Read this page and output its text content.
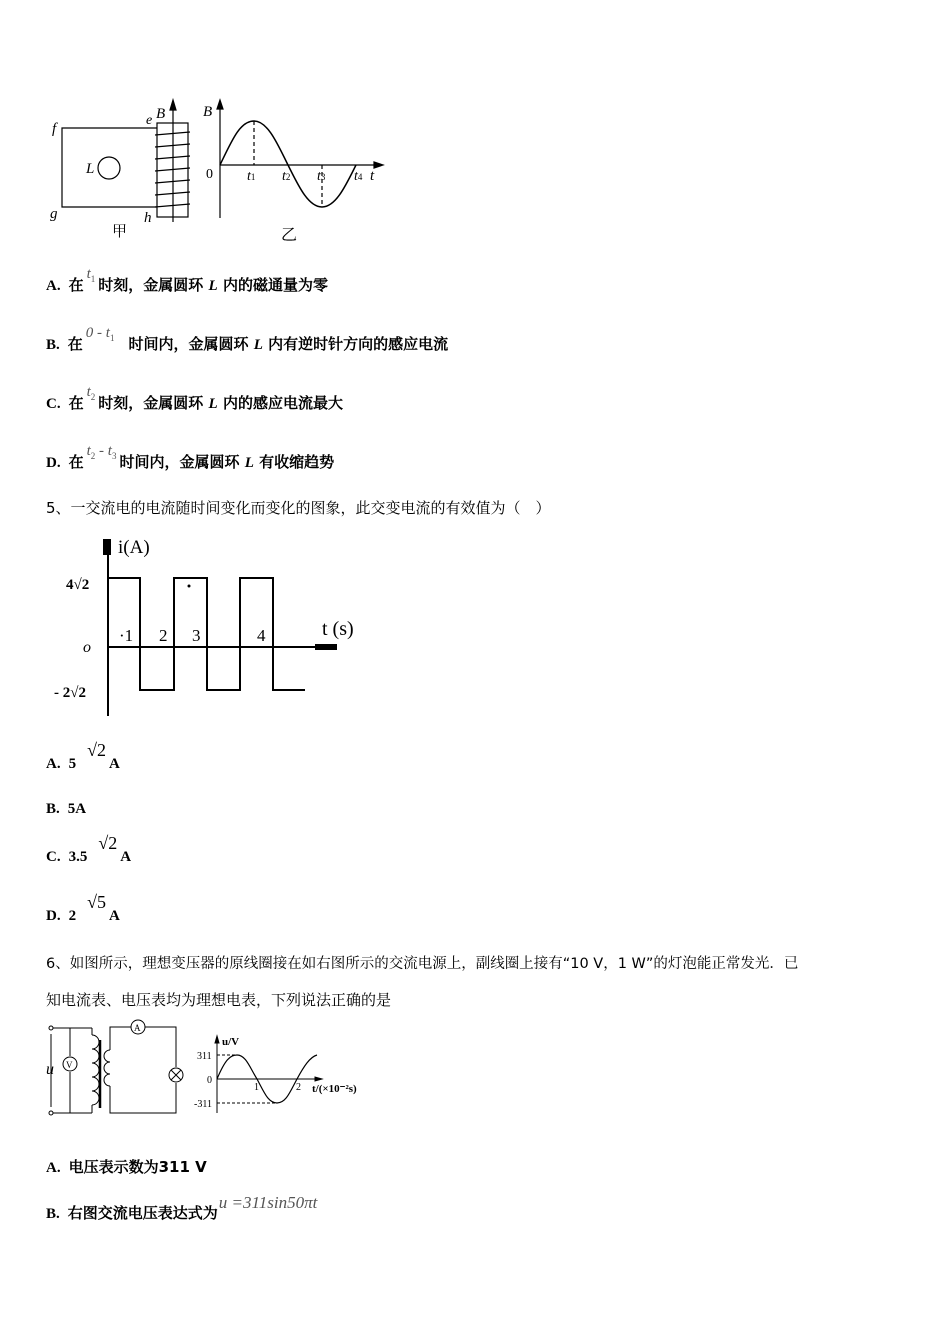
f
e B
g	h
L
甲
B
0	t
t1 t2 t3 t4
乙
i(A)
t (s)
o
4√2
- 2√2
·1 2 3	4
u V
A
u/V
311
0
-311
1	2 t/(×10⁻²s)
A. 在$t_1$ 时刻，金属圆环 L 内的磁通量为零
B. 在$0 - t_1$ 时间内，金属圆环 L 内有逆时针方向的感应电流
C. 在$t_2$ 时刻，金属圆环 L 内的感应电流最大
D. 在$t_2 - t_3$ 时间内，金属圆环 L 有收缩趋势
5、一交流电的电流随时间变化而变化的图象，此交变电流的有效值为（　）
A. 5√2A
B. 5A
C. 3.5√2A
D. 2√5A
6、如图所示，理想变压器的原线圈接在如右图所示的交流电源上，副线圈上接有“10 V，1 W”的灯泡能正常发光．已
知电流表、电压表均为理想电表，下列说法正确的是
A. 电压表示数为311 V
B. 右图交流电压表达式为u =311sin50πt
